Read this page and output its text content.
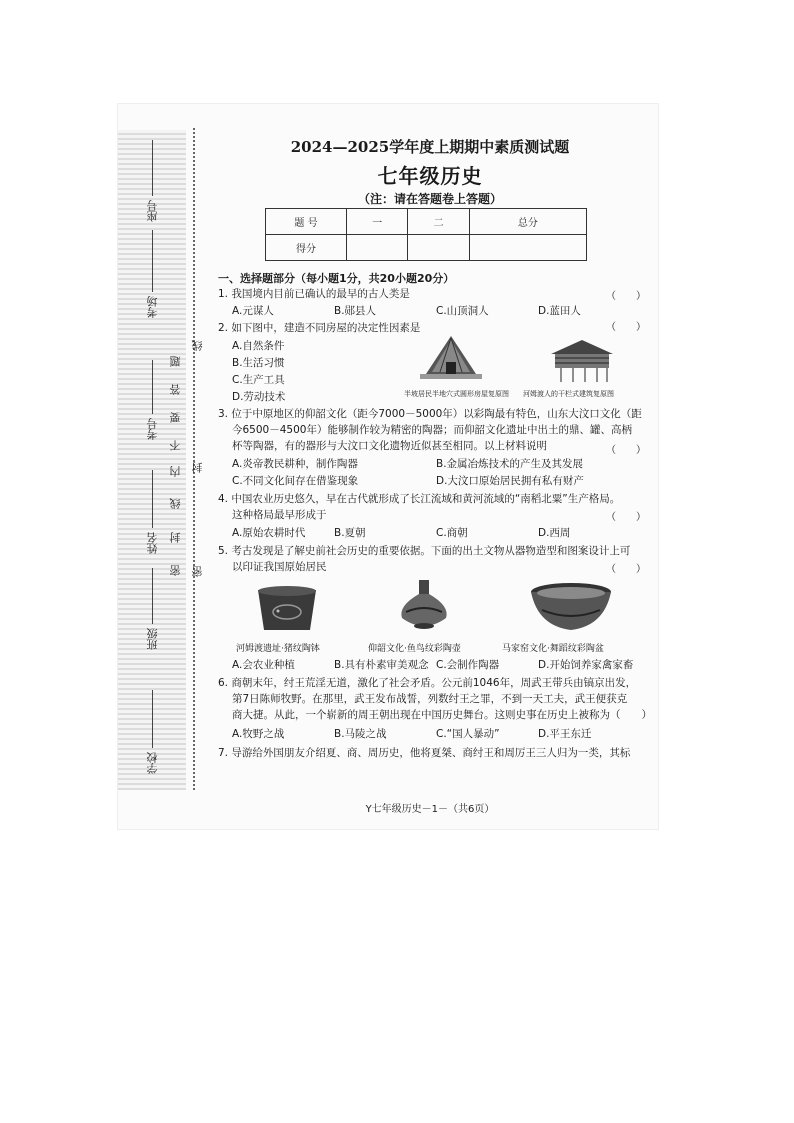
学校
班级
姓名
考号
考场
座号
密
封
线
内
不
要
答
题
线
封
密
2024—2025学年度上期期中素质测试题
七年级历史
（注：请在答题卷上答题）
题 号	一	二	总分
得分			
一、选择题部分（每小题1分，共20小题20分）
1. 我国境内目前已确认的最早的古人类是	（　　）
A.元谋人	B.郧县人	C.山顶洞人	D.蓝田人
2. 如下图中，建造不同房屋的决定性因素是	（　　）
A.自然条件
B.生活习惯
C.生产工具
D.劳动技术	半坡居民半地穴式圆形房屋复原图 河姆渡人的干栏式建筑复原图
3. 位于中原地区的仰韶文化（距今7000－5000年）以彩陶最有特色，山东大汶口文化（距
今6500－4500年）能够制作较为精密的陶器；而仰韶文化遗址中出土的鼎、罐、高柄
杯等陶器，有的器形与大汶口文化遗物近似甚至相同。以上材料说明	（　　）
A.炎帝教民耕种，制作陶器	B.金属冶炼技术的产生及其发展
C.不同文化间存在借鉴现象	D.大汶口原始居民拥有私有财产
4. 中国农业历史悠久，早在古代就形成了长江流域和黄河流域的“南稻北粟”生产格局。
这种格局最早形成于	（　　）
A.原始农耕时代	B.夏朝	C.商朝	D.西周
5. 考古发现是了解史前社会历史的重要依据。下面的出土文物从器物造型和图案设计上可
以印证我国原始居民	（　　）
河姆渡遗址·猪纹陶钵	仰韶文化·鱼鸟纹彩陶壶	马家窑文化·舞蹈纹彩陶盆
A.会农业种植	B.具有朴素审美观念 C.会制作陶器	D.开始饲养家禽家畜
6. 商朝末年，纣王荒淫无道，激化了社会矛盾。公元前1046年，周武王带兵由镐京出发，
第7日陈师牧野。在那里，武王发布战誓，列数纣王之罪，不到一天工夫，武王便获克
商大捷。从此，一个崭新的周王朝出现在中国历史舞台。这则史事在历史上被称为（　　）
A.牧野之战	B.马陵之战	C.“国人暴动”	D.平王东迁
7. 导游给外国朋友介绍夏、商、周历史，他将夏桀、商纣王和周厉王三人归为一类，其标
Y七年级历史－1－（共6页）
